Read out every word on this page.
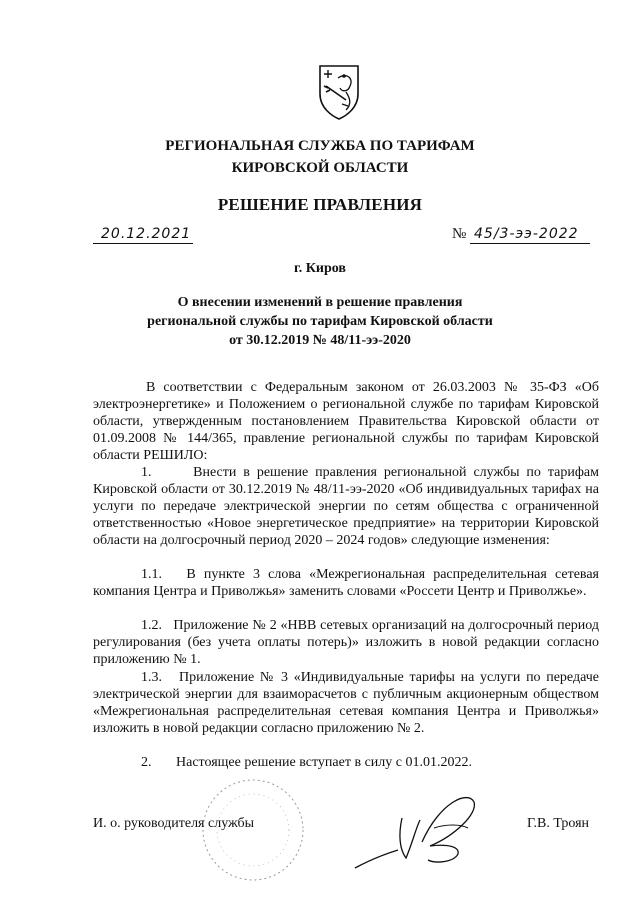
РЕГИОНАЛЬНАЯ СЛУЖБА ПО ТАРИФАМ
КИРОВСКОЙ ОБЛАСТИ
РЕШЕНИЕ ПРАВЛЕНИЯ
20.12.2021	№ 45/3-ээ-2022
г. Киров
О внесении изменений в решение правления
региональной службы по тарифам Кировской области
от 30.12.2019 № 48/11-ээ-2020

В соответствии с Федеральным законом от 26.03.2003 № 35-ФЗ «Об электроэнергетике» и Положением о региональной службе по тарифам Кировской области, утвержденным постановлением Правительства Кировской области от 01.09.2008 № 144/365, правление региональной службы по тарифам Кировской области РЕШИЛО:

1.      Внести в решение правления региональной службы по тарифам Кировской области от 30.12.2019 № 48/11-ээ-2020 «Об индивидуальных тарифах на услуги по передаче электрической энергии по сетям общества с ограниченной ответственностью «Новое энергетическое предприятие» на территории Кировской области на долгосрочный период 2020 – 2024 годов» следующие изменения:

1.1.   В пункте 3 слова «Межрегиональная распределительная сетевая компания Центра и Приволжья» заменить словами «Россети Центр и Приволжье».

1.2.   Приложение № 2 «НВВ сетевых организаций на долгосрочный период регулирования (без учета оплаты потерь)» изложить в новой редакции согласно приложению № 1.

1.3.   Приложение № 3 «Индивидуальные тарифы на услуги по передаче электрической энергии для взаиморасчетов с публичным акционерным обществом «Межрегиональная распределительная сетевая компания Центра и Приволжья» изложить в новой редакции согласно приложению № 2.

2.       Настоящее решение вступает в силу с 01.01.2022.

И. о. руководителя службы	Г.В. Троян
